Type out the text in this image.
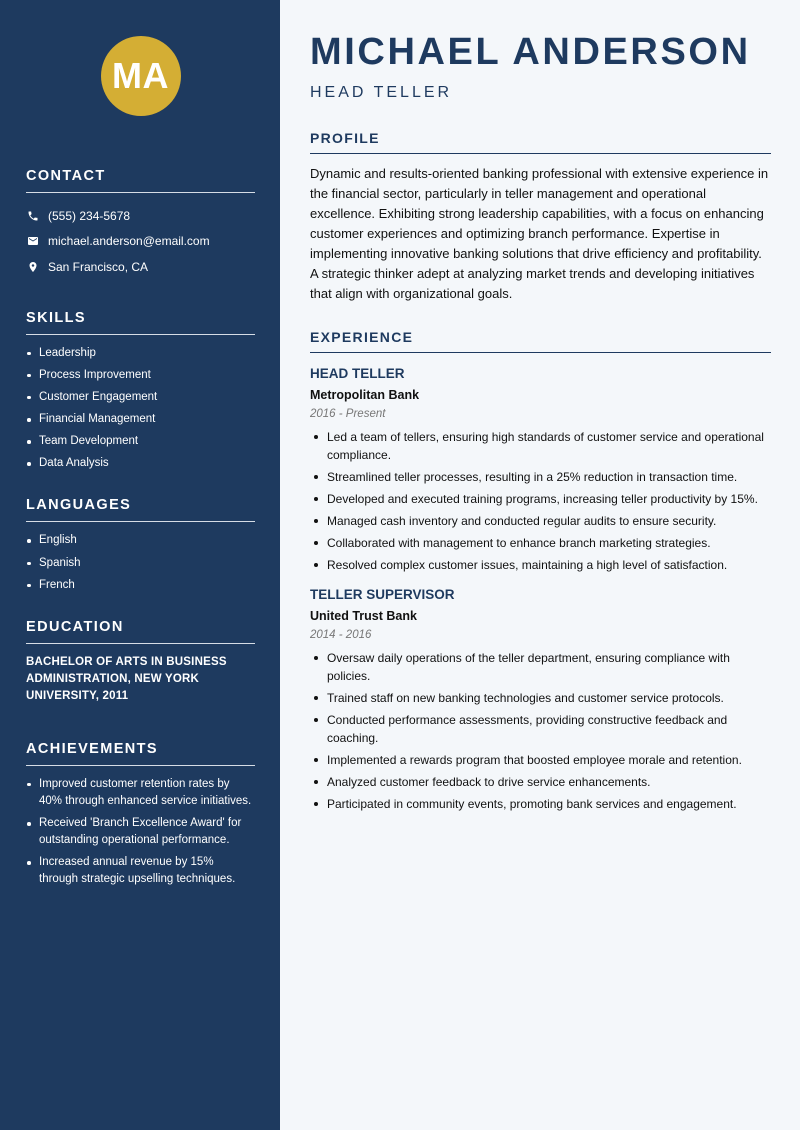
MA
CONTACT
(555) 234-5678
michael.anderson@email.com
San Francisco, CA
SKILLS
Leadership
Process Improvement
Customer Engagement
Financial Management
Team Development
Data Analysis
LANGUAGES
English
Spanish
French
EDUCATION
BACHELOR OF ARTS IN BUSINESS ADMINISTRATION, NEW YORK UNIVERSITY, 2011
ACHIEVEMENTS
Improved customer retention rates by 40% through enhanced service initiatives.
Received 'Branch Excellence Award' for outstanding operational performance.
Increased annual revenue by 15% through strategic upselling techniques.
MICHAEL ANDERSON
HEAD TELLER
PROFILE

Dynamic and results-oriented banking professional with extensive experience in the financial sector, particularly in teller management and operational excellence. Exhibiting strong leadership capabilities, with a focus on enhancing customer experiences and optimizing branch performance. Expertise in implementing innovative banking solutions that drive efficiency and profitability. A strategic thinker adept at analyzing market trends and developing initiatives that align with organizational goals.

EXPERIENCE
HEAD TELLER
Metropolitan Bank
2016 - Present
Led a team of tellers, ensuring high standards of customer service and operational compliance.
Streamlined teller processes, resulting in a 25% reduction in transaction time.
Developed and executed training programs, increasing teller productivity by 15%.
Managed cash inventory and conducted regular audits to ensure security.
Collaborated with management to enhance branch marketing strategies.
Resolved complex customer issues, maintaining a high level of satisfaction.
TELLER SUPERVISOR
United Trust Bank
2014 - 2016
Oversaw daily operations of the teller department, ensuring compliance with policies.
Trained staff on new banking technologies and customer service protocols.
Conducted performance assessments, providing constructive feedback and coaching.
Implemented a rewards program that boosted employee morale and retention.
Analyzed customer feedback to drive service enhancements.
Participated in community events, promoting bank services and engagement.
